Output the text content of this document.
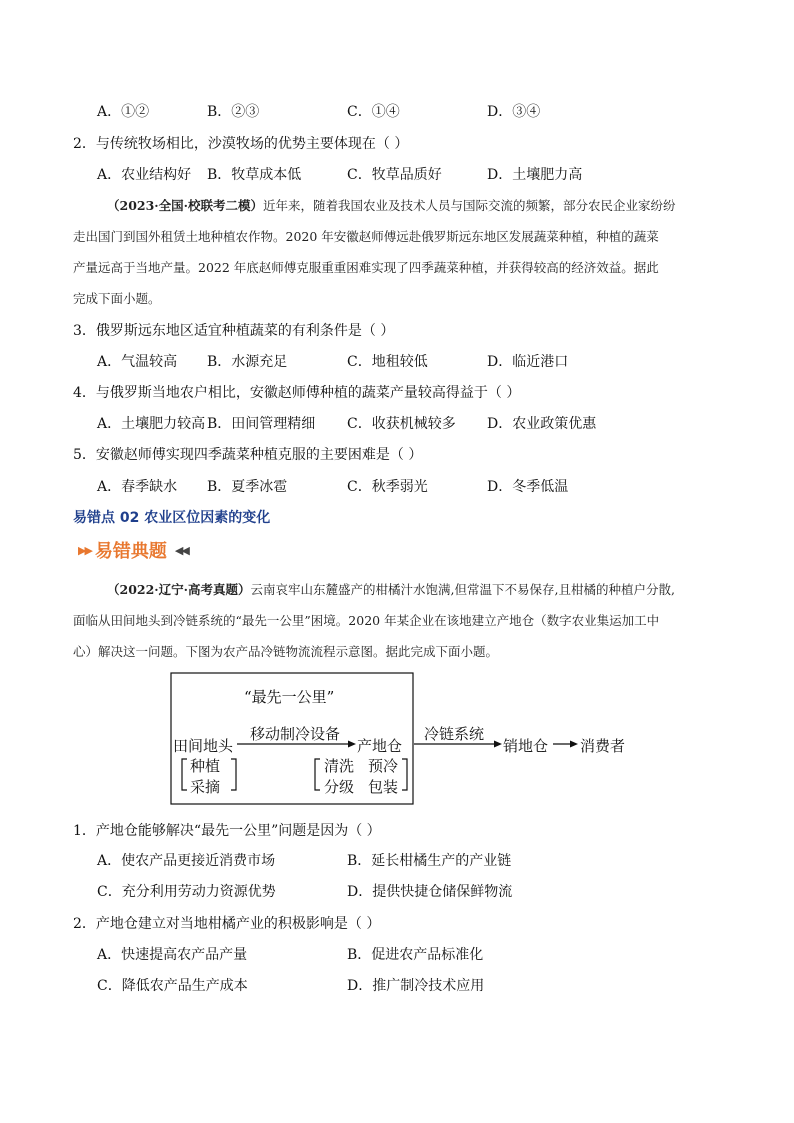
A．①②	B．②③	C．①④	D．③④
2．与传统牧场相比，沙漠牧场的优势主要体现在（ ）
A．农业结构好 B．牧草成本低	C．牧草品质好	D．土壤肥力高
（2023·全国·校联考二模）近年来，随着我国农业及技术人员与国际交流的频繁，部分农民企业家纷纷
走出国门到国外租赁土地种植农作物。2020 年安徽赵师傅远赴俄罗斯远东地区发展蔬菜种植，种植的蔬菜
产量远高于当地产量。2022 年底赵师傅克服重重困难实现了四季蔬菜种植，并获得较高的经济效益。据此
完成下面小题。
3．俄罗斯远东地区适宜种植蔬菜的有利条件是（ ）
A．气温较高 B．水源充足	C．地租较低	D．临近港口
4．与俄罗斯当地农户相比，安徽赵师傅种植的蔬菜产量较高得益于（ ）
A．土壤肥力较高 B．田间管理精细 C．收获机械较多 D．农业政策优惠
5．安徽赵师傅实现四季蔬菜种植克服的主要困难是（ ）
A．春季缺水 B．夏季冰雹	C．秋季弱光	D．冬季低温
易错点 02 农业区位因素的变化
▶▶ 易错典题 ◀◀
（2022·辽宁·高考真题）云南哀牢山东麓盛产的柑橘汁水饱满,但常温下不易保存,且柑橘的种植户分散,
面临从田间地头到冷链系统的“最先一公里”困境。2020 年某企业在该地建立产地仓（数字农业集运加工中
心）解决这一问题。下图为农产品冷链物流流程示意图。据此完成下面小题。
“最先一公里”
田间地头
移动制冷设备
产地仓
种植
采摘
清洗 预冷
分级 包装
冷链系统
销地仓 消费者
1．产地仓能够解决“最先一公里”问题是因为（ ）
A．使农产品更接近消费市场	B．延长柑橘生产的产业链
C．充分利用劳动力资源优势	D．提供快捷仓储保鲜物流
2．产地仓建立对当地柑橘产业的积极影响是（ ）
A．快速提高农产品产量	B．促进农产品标准化
C．降低农产品生产成本	D．推广制冷技术应用
